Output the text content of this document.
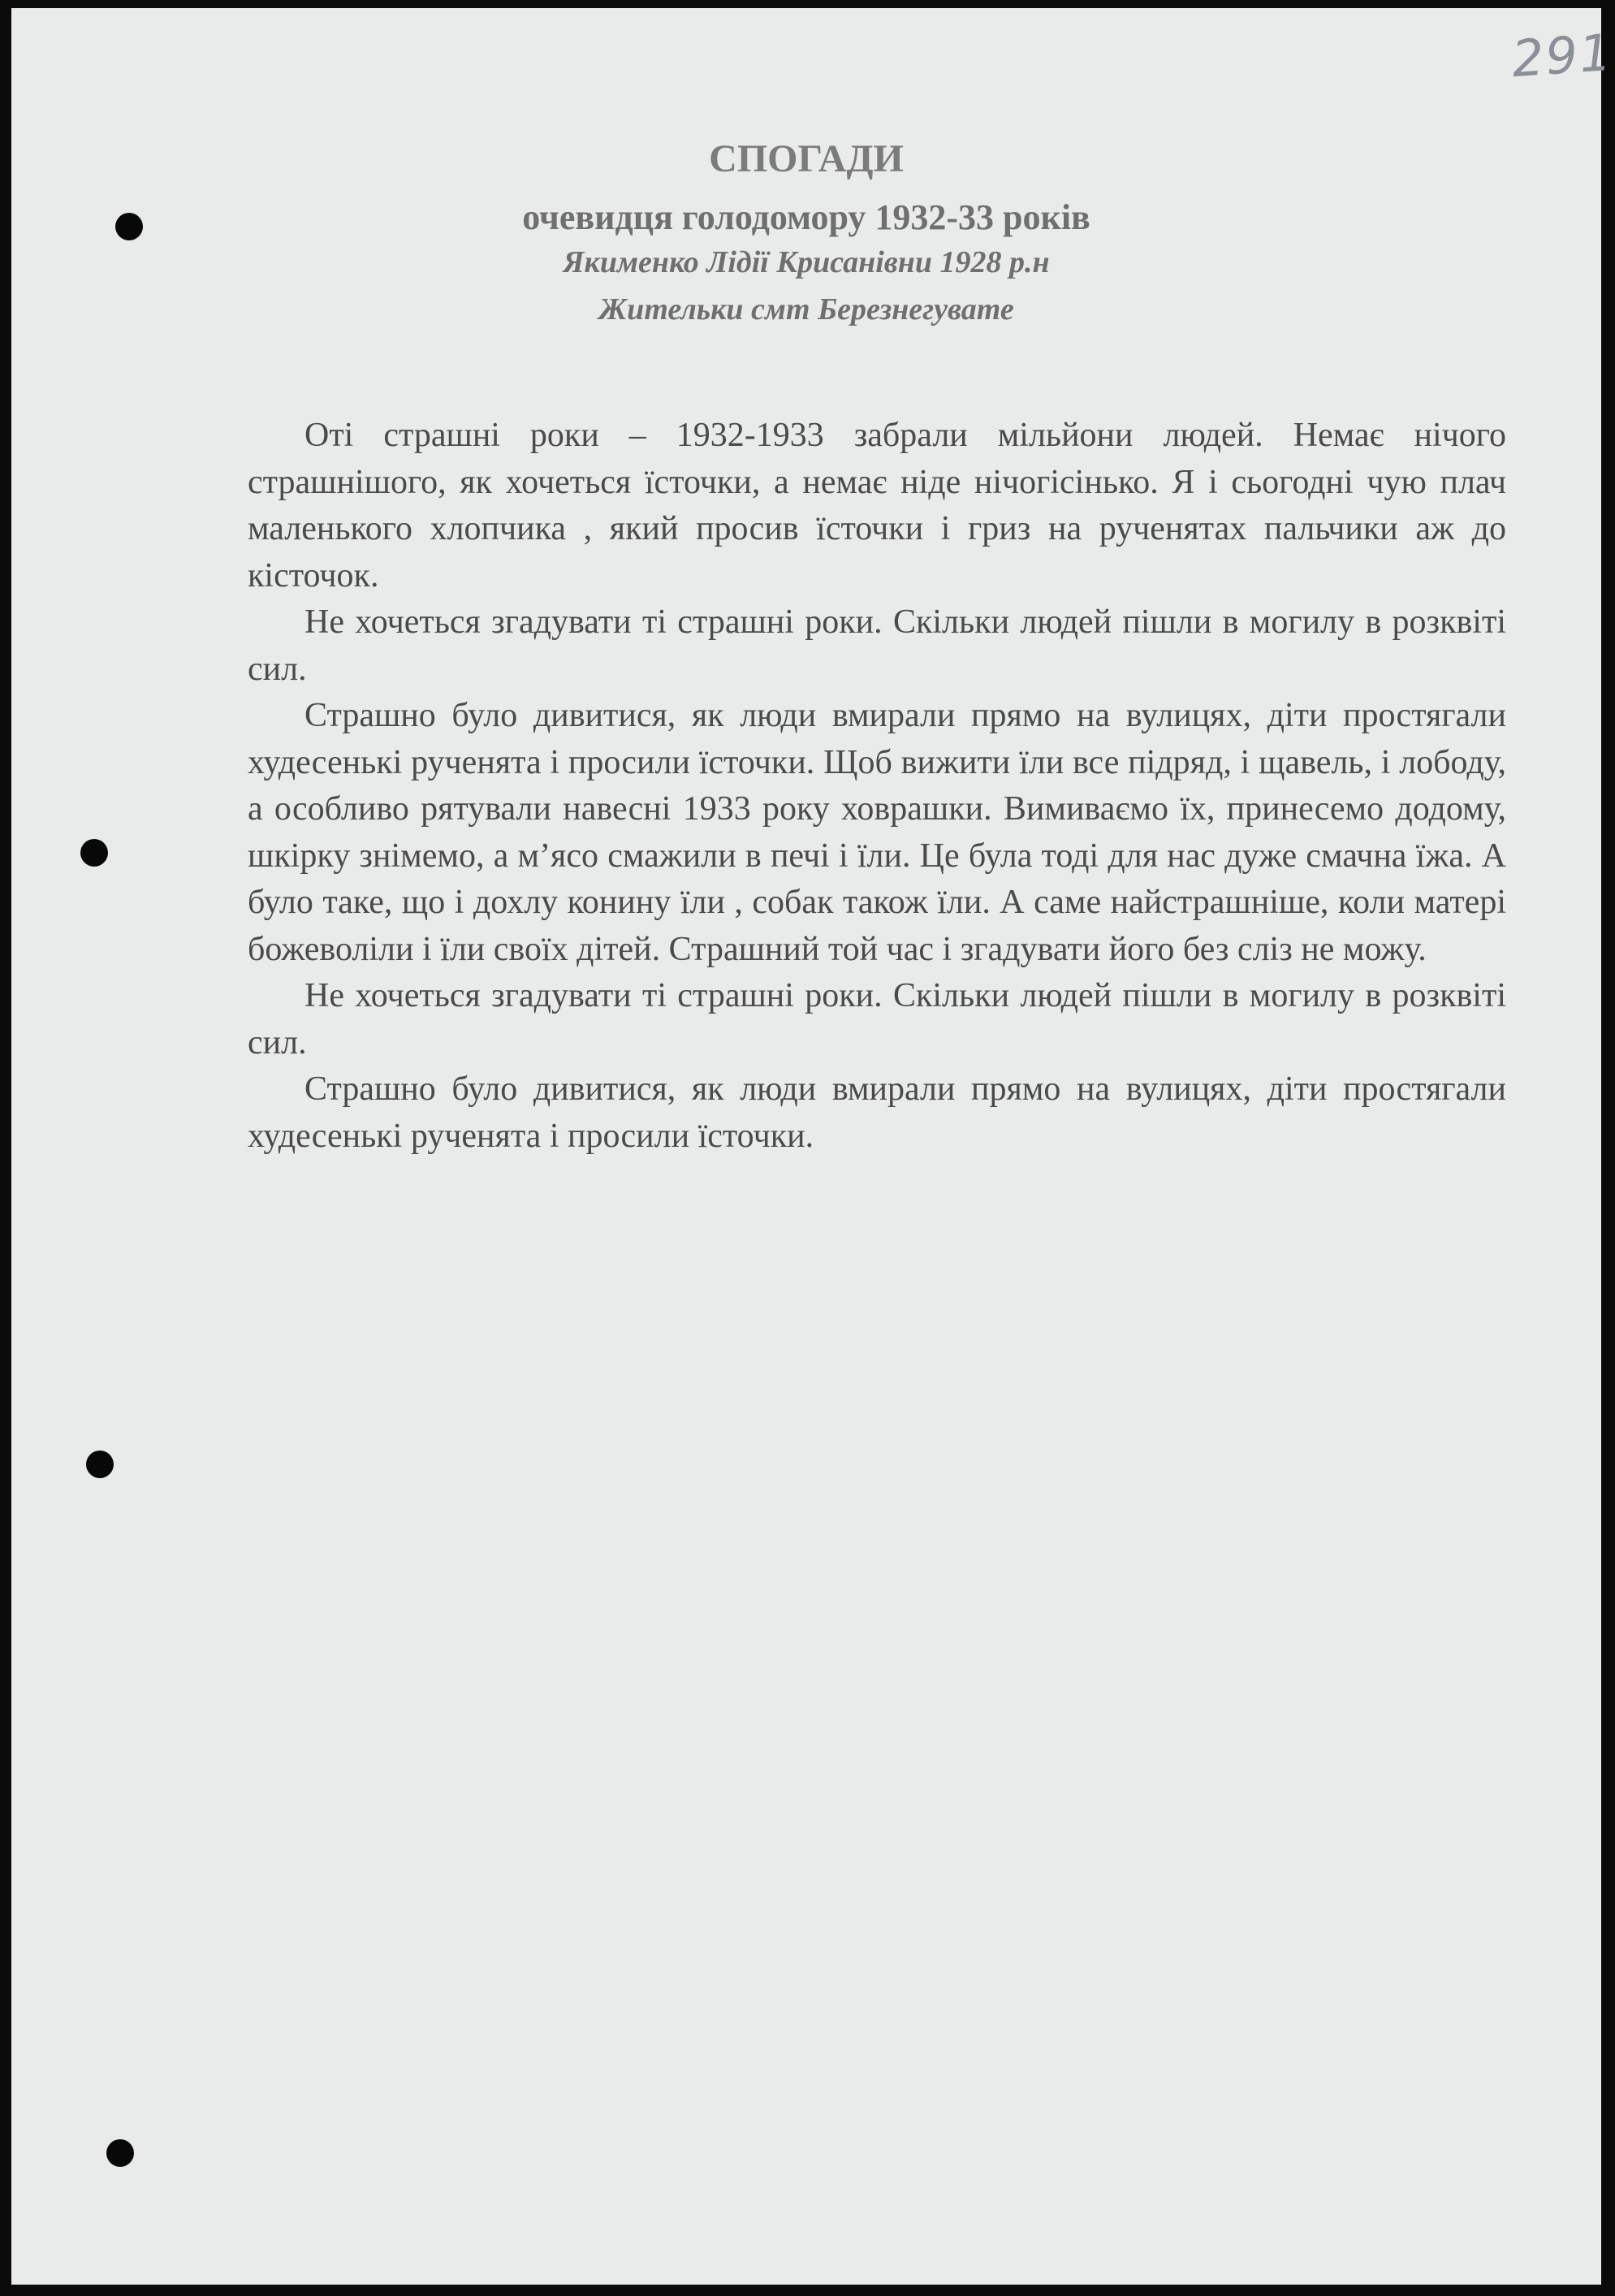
291
СПОГАДИ
очевидця голодомору 1932-33 років
Якименко Лідії Крисанівни 1928 р.н
Жительки смт Березнегувате

Оті страшні роки – 1932-1933 забрали мільйони людей. Немає нічого страшнішого, як хочеться їсточки, а немає ніде нічогісінько. Я і сьогодні чую плач маленького хлопчика , який просив їсточки і гриз на рученятах пальчики аж до кісточок.

Не хочеться згадувати ті страшні роки. Скільки людей пішли в могилу в розквіті сил.

Страшно було дивитися, як люди вмирали прямо на вулицях, діти простягали худесенькі рученята і просили їсточки. Щоб вижити їли все підряд, і щавель, і лободу, а особливо рятували навесні 1933 року ховрашки. Вимиваємо їх, принесемо додому, шкірку знімемо, а м’ясо смажили в печі і їли. Це була тоді для нас дуже смачна їжа. А було таке, що і дохлу конину їли , собак також їли. А саме найстрашніше, коли матері божеволіли і їли своїх дітей. Страшний той час і згадувати його без сліз не можу.

Не хочеться згадувати ті страшні роки. Скільки людей пішли в могилу в розквіті сил.

Страшно було дивитися, як люди вмирали прямо на вулицях, діти простягали худесенькі рученята і просили їсточки.
